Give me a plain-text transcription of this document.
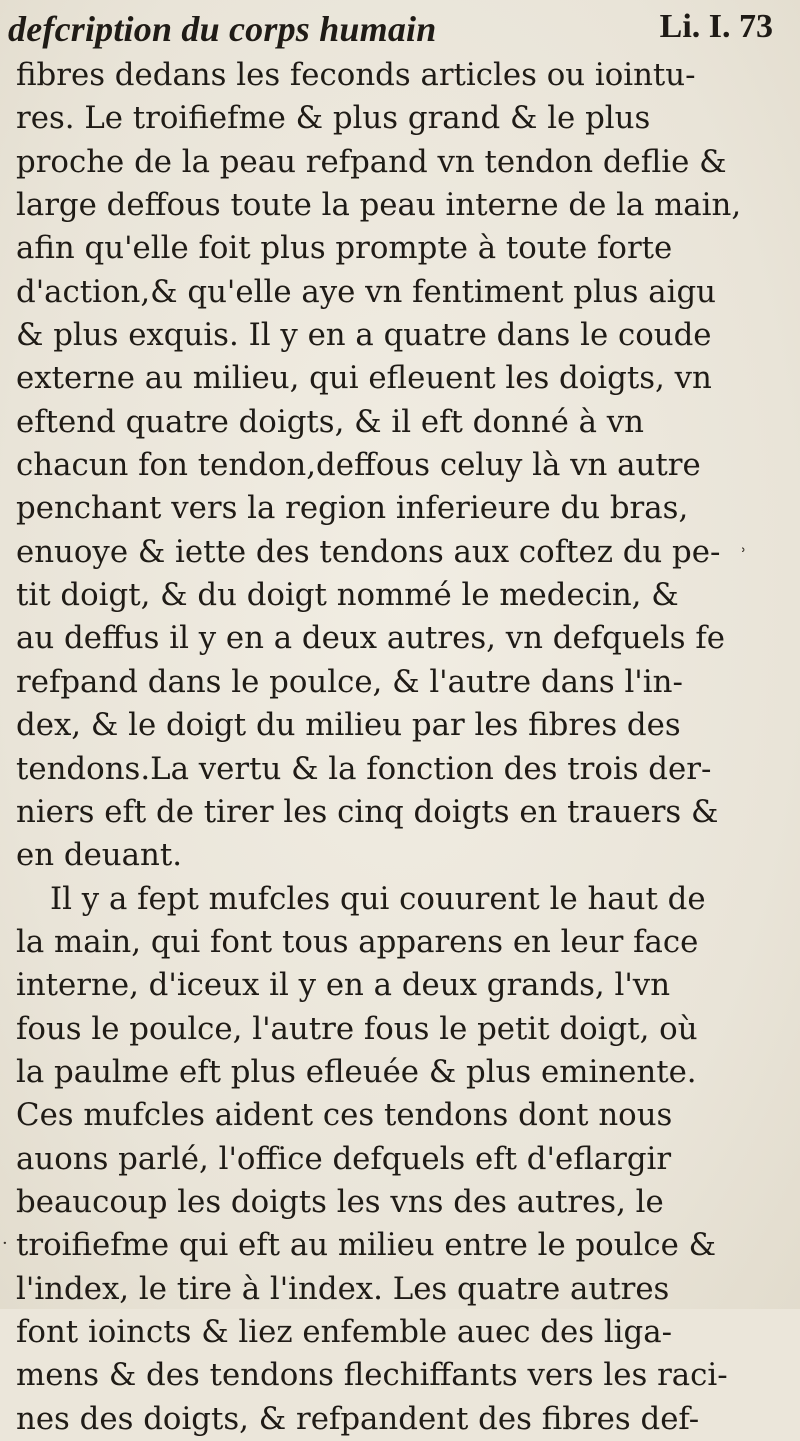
defcription du corps humain	Li. I. 73
fibres dedans les feconds articles ou iointu-
res. Le troifiefme & plus grand & le plus
proche de la peau refpand vn tendon deflie &
large deffous toute la peau interne de la main,
afin qu'elle foit plus prompte à toute forte
d'action,& qu'elle aye vn fentiment plus aigu
& plus exquis. Il y en a quatre dans le coude
externe au milieu, qui efleuent les doigts, vn
eftend quatre doigts, & il eft donné à vn
chacun fon tendon,deffous celuy là vn autre
penchant vers la region inferieure du bras,
enuoye & iette des tendons aux coftez du pe-
tit doigt, & du doigt nommé le medecin, &
au deffus il y en a deux autres, vn defquels fe
refpand dans le poulce, & l'autre dans l'in-
dex, & le doigt du milieu par les fibres des
tendons.La vertu & la fonction des trois der-
niers eft de tirer les cinq doigts en trauers &
en deuant.
Il y a fept mufcles qui couurent le haut de
la main, qui font tous apparens en leur face
interne, d'iceux il y en a deux grands, l'vn
fous le poulce, l'autre fous le petit doigt, où
la paulme eft plus efleuée & plus eminente.
Ces mufcles aident ces tendons dont nous
auons parlé, l'office defquels eft d'eflargir
beaucoup les doigts les vns des autres, le
troifiefme qui eft au milieu entre le poulce &
l'index, le tire à l'index. Les quatre autres
font ioincts & liez enfemble auec des liga-
mens & des tendons flechiffants vers les raci-
nes des doigts, & refpandent des fibres def-
ʾ
·
